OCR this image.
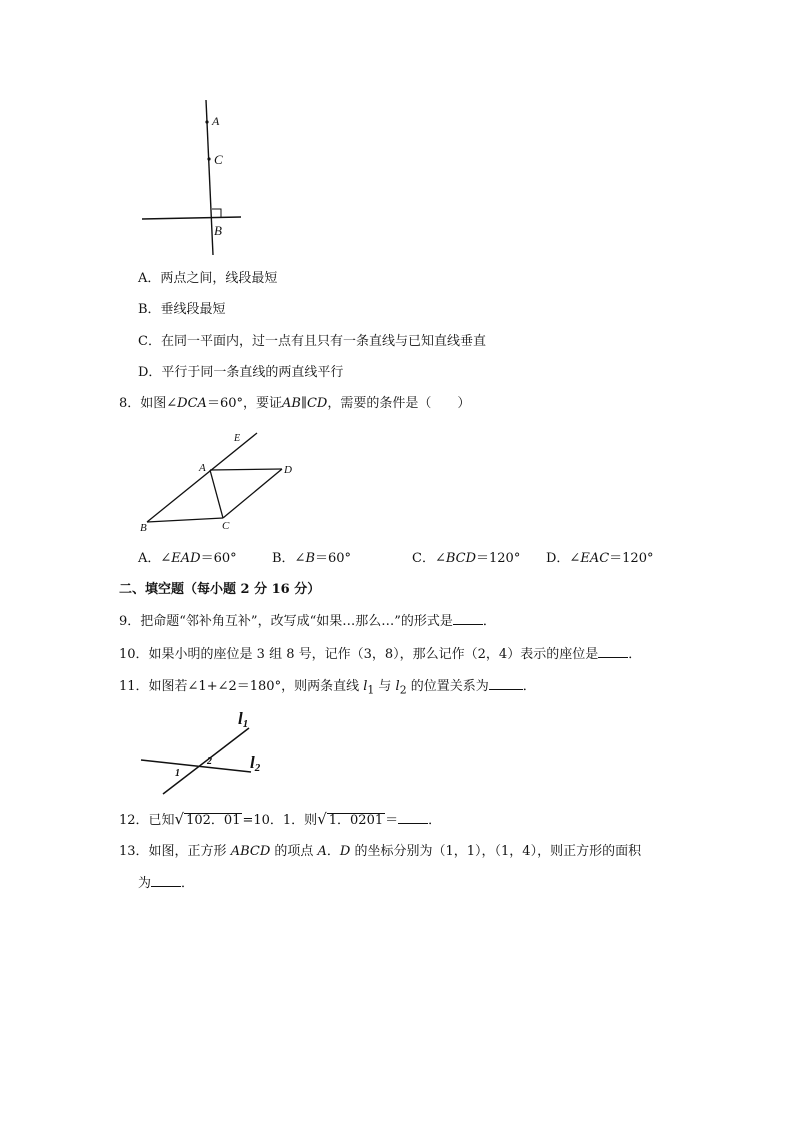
A
C
B
A．两点之间，线段最短
B．垂线段最短
C．在同一平面内，过一点有且只有一条直线与已知直线垂直
D．平行于同一条直线的两直线平行
8．如图∠DCA＝60°，要证AB∥CD，需要的条件是（　　）
E
A	D
B	C
A．∠EAD＝60°	B．∠B＝60°	C．∠BCD＝120° D．∠EAC＝120°
二、填空题（每小题 2 分 16 分）
9．把命题“邻补角互补”，改写成“如果…那么…”的形式是 ．
10．如果小明的座位是 3 组 8 号，记作（3，8），那么记作（2，4）表示的座位是 ．
11．如图若∠1+∠2＝180°，则两条直线 $l_1$ 与 $l_2$ 的位置关系为	．
l1
l2
1
2
12．已知√ 102．01 =10．1．则√ 1．0201 ＝ ．
13．如图，正方形 ABCD 的项点 A．D 的坐标分别为（1，1），（1，4），则正方形的面积
为 ．
